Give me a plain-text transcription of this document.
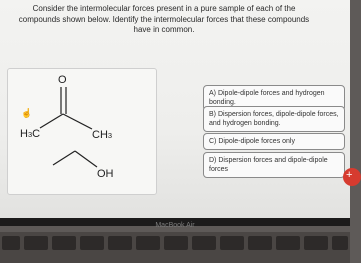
Consider the intermolecular forces present in a pure sample of each of the compounds shown below. Identify the intermolecular forces that these compounds have in common.
O
H3C	CH3
OH
☝
A) Dipole-dipole forces and hydrogen bonding.
B) Dispersion forces, dipole-dipole forces, and hydrogen bonding.
C) Dipole-dipole forces only
D) Dispersion forces and dipole-dipole forces	+
MacBook Air
